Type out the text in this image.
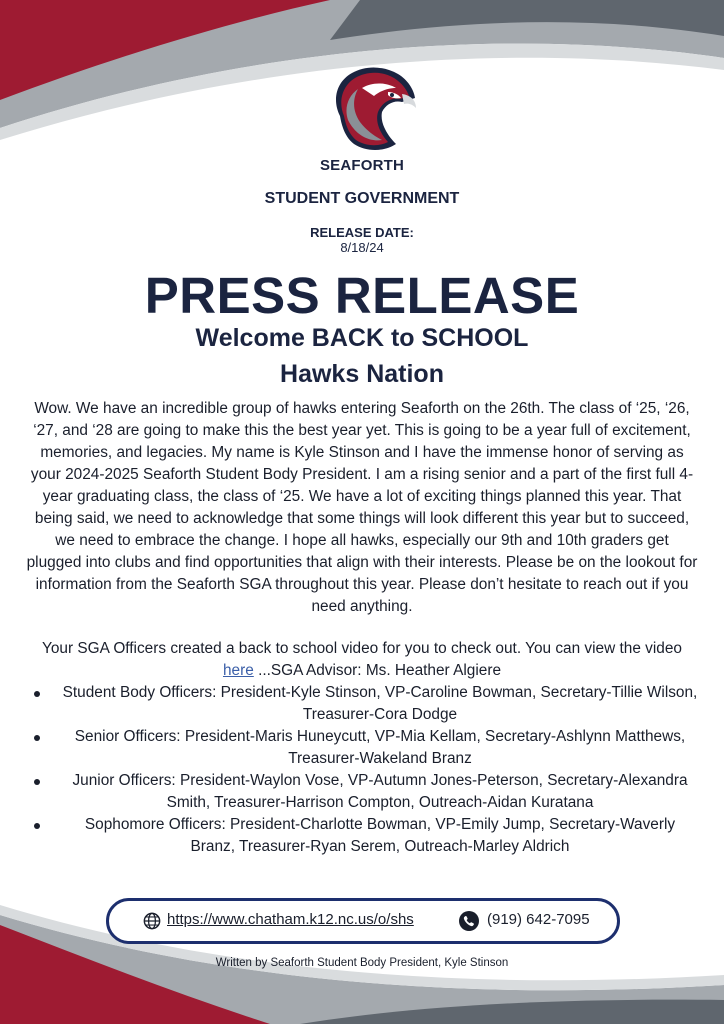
SEAFORTH
STUDENT GOVERNMENT
RELEASE DATE:
8/18/24
PRESS RELEASE
Welcome BACK to SCHOOL
Hawks Nation

Wow. We have an incredible group of hawks entering Seaforth on the 26th. The class of ‘25, ‘26, ‘27, and ‘28 are going to make this the best year yet. This is going to be a year full of excitement, memories, and legacies. My name is Kyle Stinson and I have the immense honor of serving as your 2024-2025 Seaforth Student Body President. I am a rising senior and a part of the first full 4-year graduating class, the class of ‘25. We have a lot of exciting things planned this year. That being said, we need to acknowledge that some things will look different this year but to succeed, we need to embrace the change. I hope all hawks, especially our 9th and 10th graders get plugged into clubs and find opportunities that align with their interests. Please be on the lookout for information from the Seaforth SGA throughout this year. Please don’t hesitate to reach out if you need anything.

Your SGA Officers created a back to school video for you to check out. You can view the video here ...SGA Advisor: Ms. Heather Algiere

Student Body Officers: President-Kyle Stinson, VP-Caroline Bowman, Secretary-Tillie Wilson, Treasurer-Cora Dodge
Senior Officers: President-Maris Huneycutt, VP-Mia Kellam, Secretary-Ashlynn Matthews, Treasurer-Wakeland Branz
Junior Officers: President-Waylon Vose, VP-Autumn Jones-Peterson, Secretary-Alexandra Smith, Treasurer-Harrison Compton, Outreach-Aidan Kuratana
Sophomore Officers: President-Charlotte Bowman, VP-Emily Jump, Secretary-Waverly Branz, Treasurer-Ryan Serem, Outreach-Marley Aldrich
https://www.chatham.k12.nc.us/o/shs	(919) 642-7095
Written by Seaforth Student Body President, Kyle Stinson
